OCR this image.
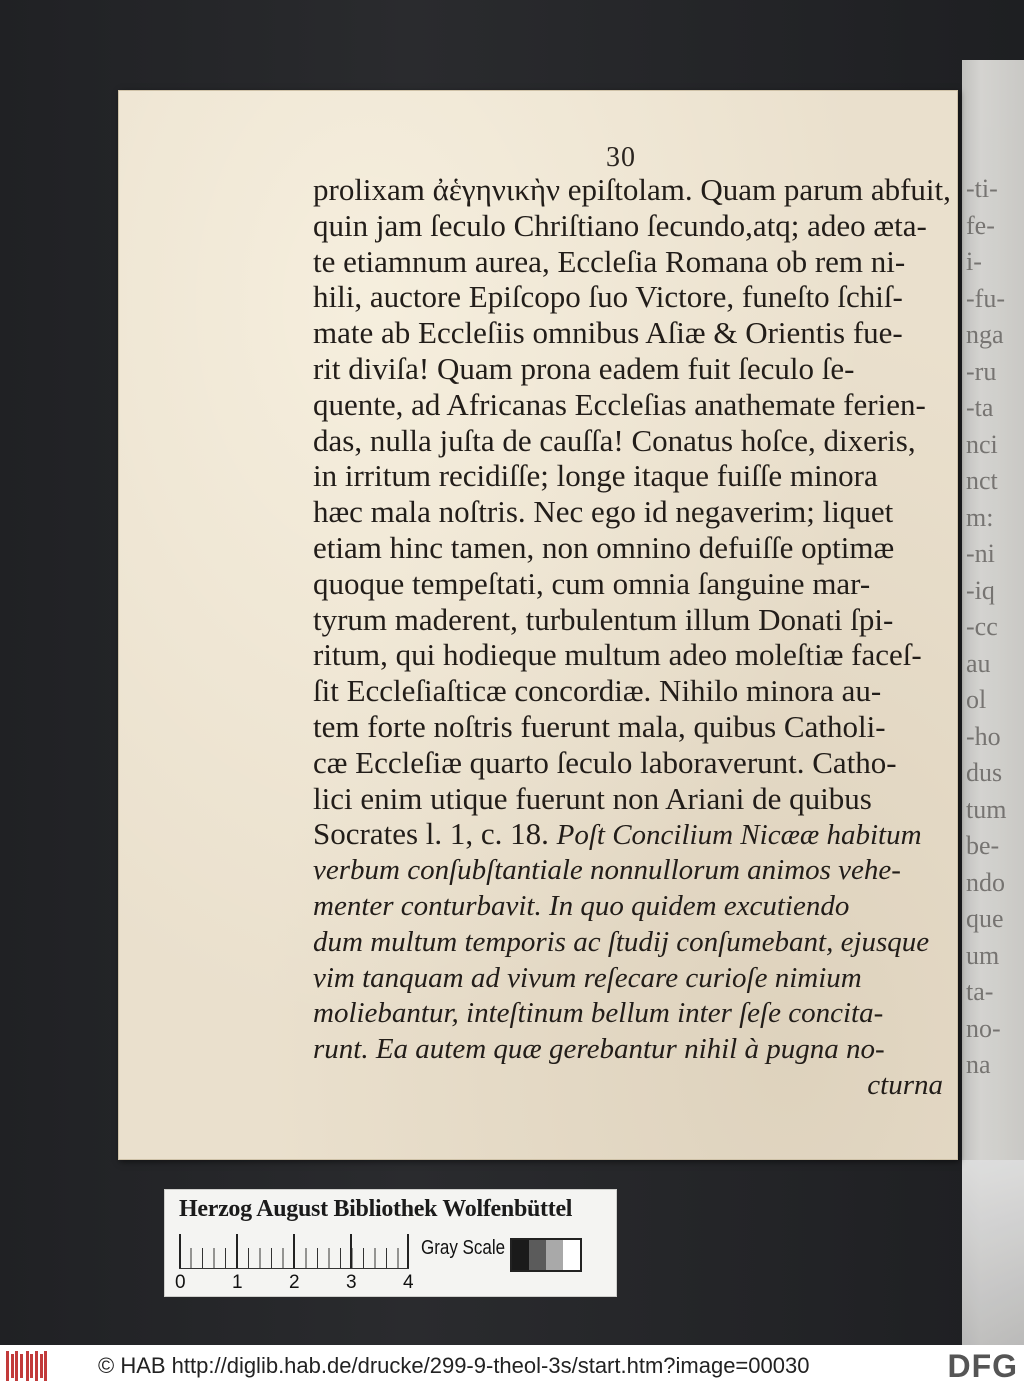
-ti-
fe-
i-
-fu-
nga
-ru
-ta
nci
nct
m:
-ni
-iq
-cc
au
ol
-ho
dus
tum
be-
ndo
que
um
ta-
no-
na
30
prolixam ἀἑγηνικὴν epiſtolam. Quam parum abfuit,
quin jam ſeculo Chriſtiano ſecundo,atq; adeo æta-
te etiamnum aurea, Eccleſia Romana ob rem ni-
hili, auctore Epiſcopo ſuo Victore, funeſto ſchiſ-
mate ab Eccleſiis omnibus Aſiæ & Orientis fue-
rit diviſa! Quam prona eadem fuit ſeculo ſe-
quente, ad Africanas Eccleſias anathemate ferien-
das, nulla juſta de cauſſa! Conatus hoſce, dixeris,
in irritum recidiſſe; longe itaque fuiſſe minora
hæc mala noſtris. Nec ego id negaverim; liquet
etiam hinc tamen, non omnino defuiſſe optimæ
quoque tempeſtati, cum omnia ſanguine mar-
tyrum maderent, turbulentum illum Donati ſpi-
ritum, qui hodieque multum adeo moleſtiæ faceſ-
ſit Eccleſiaſticæ concordiæ. Nihilo minora au-
tem forte noſtris fuerunt mala, quibus Catholi-
cæ Eccleſiæ quarto ſeculo laboraverunt. Catho-
lici enim utique fuerunt non Ariani de quibus
Socrates l. 1, c. 18. Poſt Concilium Nicææ habitum
verbum conſubſtantiale nonnullorum animos vehe-
menter conturbavit. In quo quidem excutiendo
dum multum temporis ac ſtudij conſumebant, ejusque
vim tanquam ad vivum reſecare curioſe nimium
moliebantur, inteſtinum bellum inter ſeſe concita-
runt. Ea autem quæ gerebantur nihil à pugna no-
cturna
Herzog August Bibliothek Wolfenbüttel
0 1 2 3 4
Gray Scale
© HAB http://diglib.hab.de/drucke/299-9-theol-3s/start.htm?image=00030	DFG
